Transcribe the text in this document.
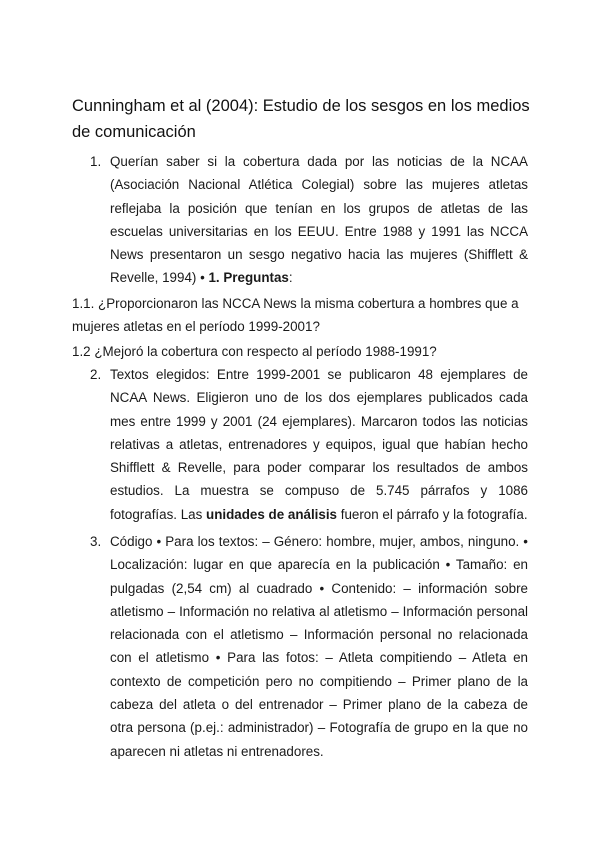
Cunningham et al (2004): Estudio de los sesgos en los medios de comunicación
1. Querían saber si la cobertura dada por las noticias de la NCAA (Asociación Nacional Atlética Colegial) sobre las mujeres atletas reflejaba la posición que tenían en los grupos de atletas de las escuelas universitarias en los EEUU. Entre 1988 y 1991 las NCCA News presentaron un sesgo negativo hacia las mujeres (Shifflett & Revelle, 1994) • 1. Preguntas:

1.1. ¿Proporcionaron las NCCA News la misma cobertura a hombres que a mujeres atletas en el período 1999-2001?

1.2 ¿Mejoró la cobertura con respecto al período 1988-1991?

2. Textos elegidos: Entre 1999-2001 se publicaron 48 ejemplares de NCAA News. Eligieron uno de los dos ejemplares publicados cada mes entre 1999 y 2001 (24 ejemplares). Marcaron todos las noticias relativas a atletas, entrenadores y equipos, igual que habían hecho Shifflett & Revelle, para poder comparar los resultados de ambos estudios. La muestra se compuso de 5.745 párrafos y 1086 fotografías. Las unidades de análisis fueron el párrafo y la fotografía.

3. Código • Para los textos: – Género: hombre, mujer, ambos, ninguno. • Localización: lugar en que aparecía en la publicación • Tamaño: en pulgadas (2,54 cm) al cuadrado • Contenido: – información sobre atletismo – Información no relativa al atletismo – Información personal relacionada con el atletismo – Información personal no relacionada con el atletismo • Para las fotos: – Atleta compitiendo – Atleta en contexto de competición pero no compitiendo – Primer plano de la cabeza del atleta o del entrenador – Primer plano de la cabeza de otra persona (p.ej.: administrador) – Fotografía de grupo en la que no aparecen ni atletas ni entrenadores.
